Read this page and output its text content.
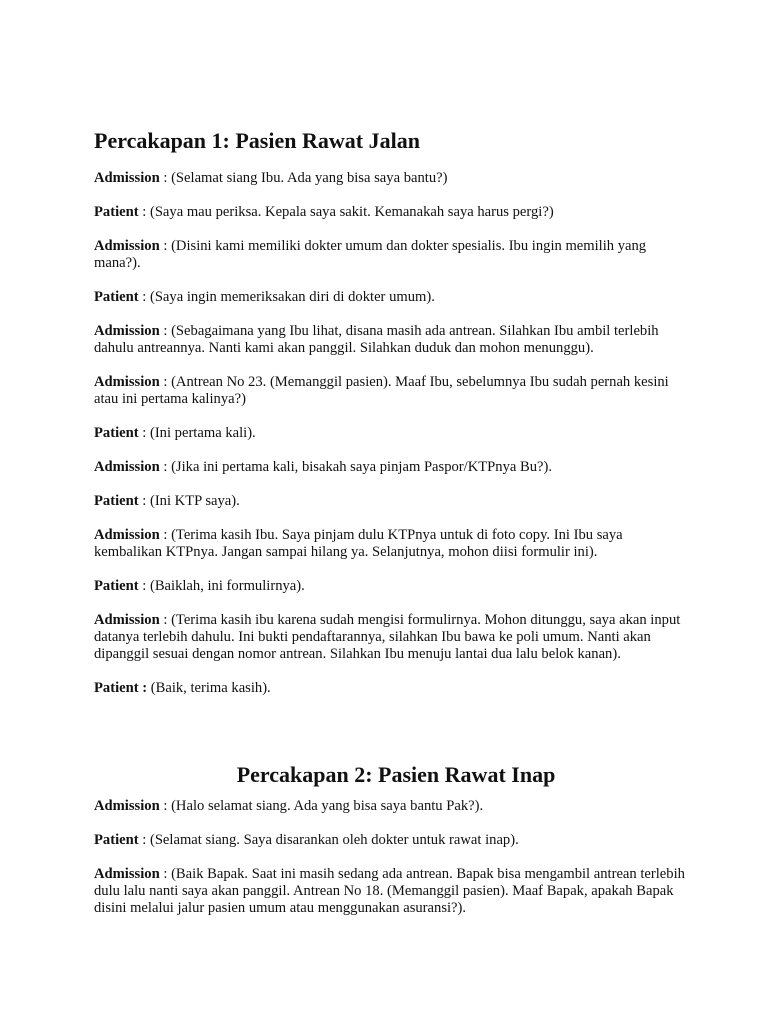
Percakapan 1: Pasien Rawat Jalan

Admission : (Selamat siang Ibu. Ada yang bisa saya bantu?)

Patient : (Saya mau periksa. Kepala saya sakit. Kemanakah saya harus pergi?)

Admission : (Disini kami memiliki dokter umum dan dokter spesialis. Ibu ingin memilih yang mana?).

Patient : (Saya ingin memeriksakan diri di dokter umum).

Admission : (Sebagaimana yang Ibu lihat, disana masih ada antrean. Silahkan Ibu ambil terlebih dahulu antreannya. Nanti kami akan panggil. Silahkan duduk dan mohon menunggu).

Admission : (Antrean No 23. (Memanggil pasien). Maaf Ibu, sebelumnya Ibu sudah pernah kesini atau ini pertama kalinya?)

Patient : (Ini pertama kali).

Admission : (Jika ini pertama kali, bisakah saya pinjam Paspor/KTPnya Bu?).

Patient : (Ini KTP saya).

Admission : (Terima kasih Ibu. Saya pinjam dulu KTPnya untuk di foto copy. Ini Ibu saya kembalikan KTPnya. Jangan sampai hilang ya. Selanjutnya, mohon diisi formulir ini).

Patient : (Baiklah, ini formulirnya).

Admission : (Terima kasih ibu karena sudah mengisi formulirnya. Mohon ditunggu, saya akan input datanya terlebih dahulu. Ini bukti pendaftarannya, silahkan Ibu bawa ke poli umum. Nanti akan dipanggil sesuai dengan nomor antrean. Silahkan Ibu menuju lantai dua lalu belok kanan).

Patient : (Baik, terima kasih).

Percakapan 2: Pasien Rawat Inap

Admission : (Halo selamat siang. Ada yang bisa saya bantu Pak?).

Patient : (Selamat siang. Saya disarankan oleh dokter untuk rawat inap).

Admission : (Baik Bapak. Saat ini masih sedang ada antrean. Bapak bisa mengambil antrean terlebih dulu lalu nanti saya akan panggil. Antrean No 18. (Memanggil pasien). Maaf Bapak, apakah Bapak disini melalui jalur pasien umum atau menggunakan asuransi?).
